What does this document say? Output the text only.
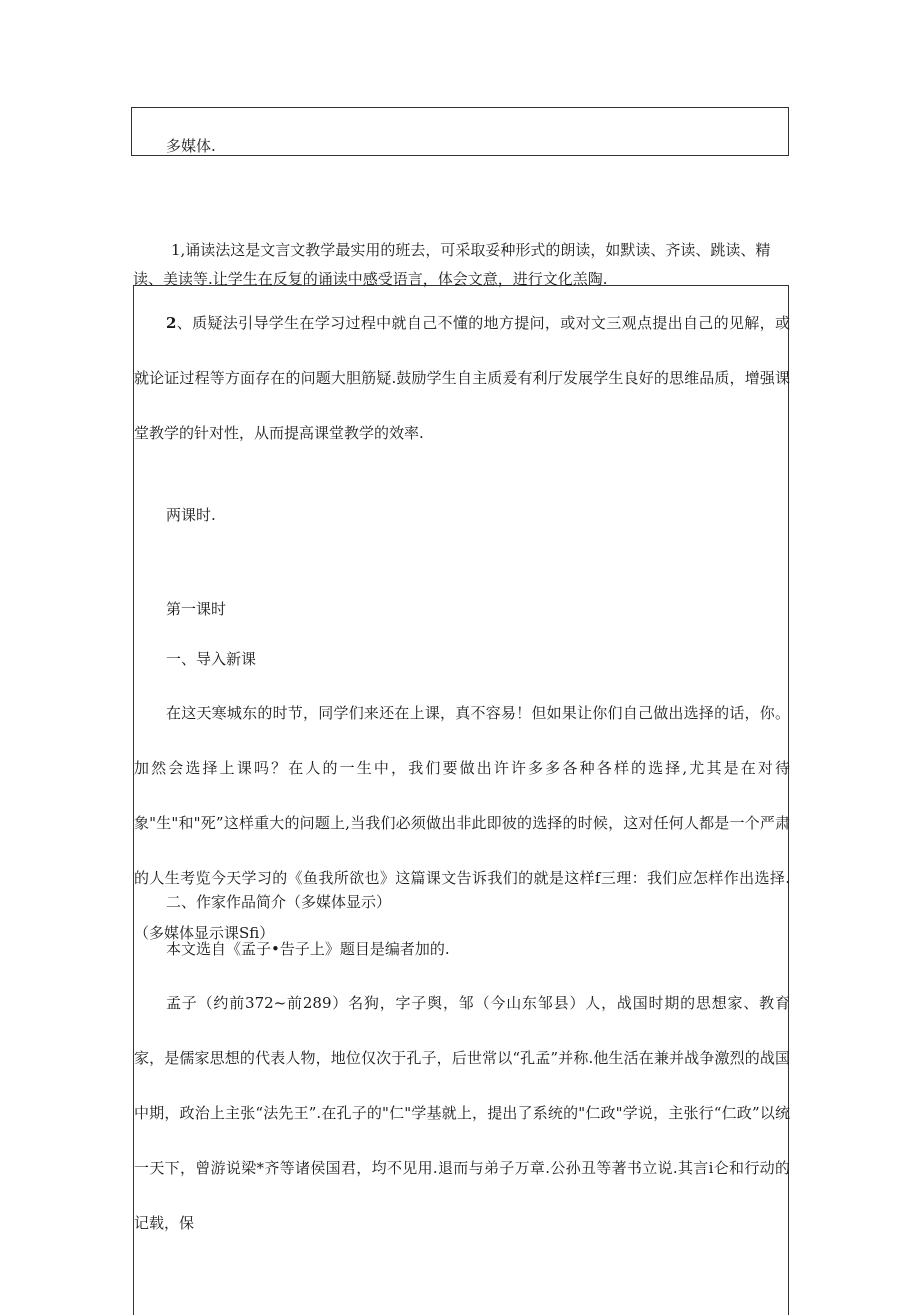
多媒体.
1,诵读法这是文言文教学最实用的班去，可采取妥种形式的朗读，如默读、齐读、跳读、精读、美读等.让学生在反复的诵读中感受语言，体会文意，进行文化羔陶.
2、质疑法引导学生在学习过程中就自己不懂的地方提问，或对文三观点提出自己的见解，或就论证过程等方面存在的问题大胆筋疑.鼓励学生自主质爰有利厅发展学生良好的思维品质，增强课堂教学的针对性，从而提高课堂教学的效率.
两课时.
第一课时
一、导入新课
在这天寒城东的时节，同学们来还在上课，真不容易！但如果让你们自己做出选择的话，你。加然会选择上课吗？在人的一生中，我们要做出许许多多各种各样的选择,尤其是在对待象"生"和"死”这样重大的问题上,当我们必须做出非此即彼的选择的时候，这对任何人都是一个严肃的人生考览今天学习的《鱼我所欲也》这篇课文告诉我们的就是这样f三理：我们应怎样作出选择.（多媒体显示课Sfi）
二、作家作品简介（多媒体显示）
本文选自《孟子•告子上》题目是编者加的.
孟子（约前372~前289）名狗，字子舆，邹（今山东邹县）人，战国时期的思想家、教育家，是儒家思想的代表人物，地位仅次于孔子，后世常以“孔孟”并称.他生活在兼并战争激烈的战国中期，政治上主张“法先王”.在孔子的"仁"学基就上，提出了系统的"仁政"学说，主张行“仁政”以统一天下，曾游说梁*齐等诸侯国君，均不见用.退而与弟子万章.公孙丑等著书立说.其言i仑和行动的记载，保
